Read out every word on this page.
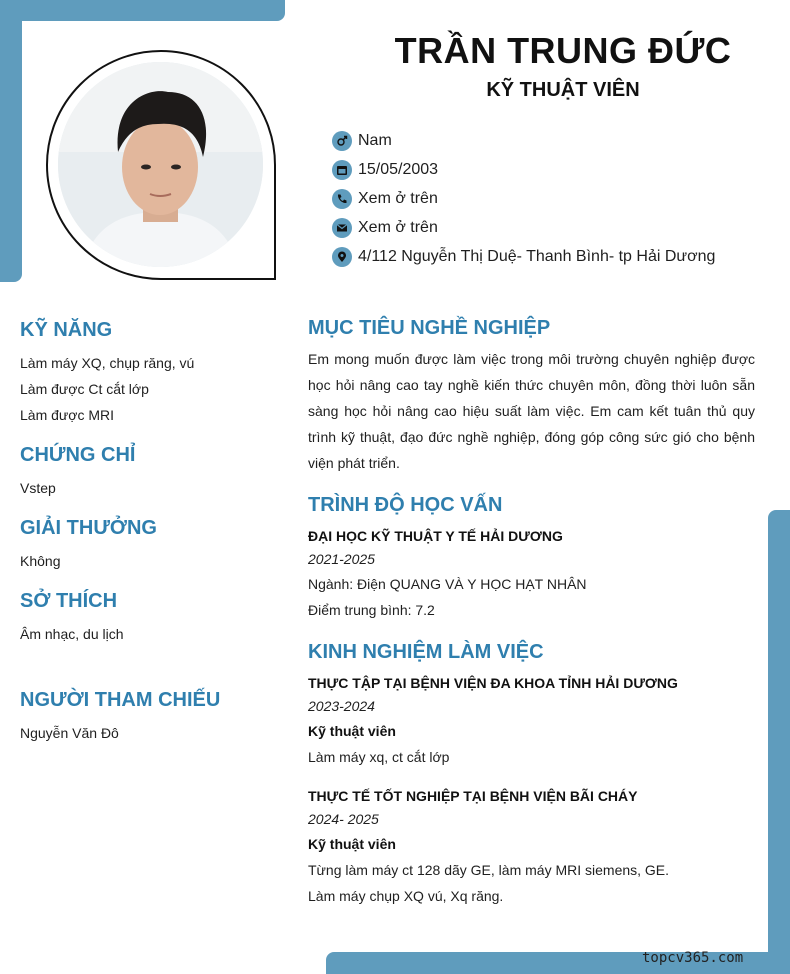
TRẦN TRUNG ĐỨC
KỸ THUẬT VIÊN
Nam
15/05/2003
Xem ở trên
Xem ở trên
4/112 Nguyễn Thị Duệ- Thanh Bình- tp Hải Dương
KỸ NĂNG
Làm máy XQ, chụp răng, vú
Làm được Ct cắt lớp
Làm được MRI
CHỨNG CHỈ
Vstep
GIẢI THƯỞNG
Không
SỞ THÍCH
Âm nhạc, du lịch
NGƯỜI THAM CHIẾU
Nguyễn Văn Đô
MỤC TIÊU NGHỀ NGHIỆP
Em mong muốn được làm việc trong môi trường chuyên nghiệp được học hỏi nâng cao tay nghề kiến thức chuyên môn, đồng thời luôn sẵn sàng học hỏi nâng cao hiệu suất làm việc. Em cam kết tuân thủ quy trình kỹ thuật, đạo đức nghề nghiệp, đóng góp công sức gió cho bệnh viện phát triển.
TRÌNH ĐỘ HỌC VẤN
ĐẠI HỌC KỸ THUẬT Y TẾ HẢI DƯƠNG
2021-2025
Ngành: Điện QUANG VÀ Y HỌC HẠT NHÂN
Điểm trung bình: 7.2
KINH NGHIỆM LÀM VIỆC
THỰC TẬP TẠI BỆNH VIỆN ĐA KHOA TỈNH HẢI DƯƠNG
2023-2024
Kỹ thuật viên
Làm máy xq, ct cắt lớp
THỰC TẾ TỐT NGHIỆP TẠI BỆNH VIỆN BÃI CHÁY
2024- 2025
Kỹ thuật viên
Từng làm máy ct 128 dãy GE, làm máy MRI siemens, GE.
Làm máy chụp XQ vú, Xq răng.
topcv365.com
